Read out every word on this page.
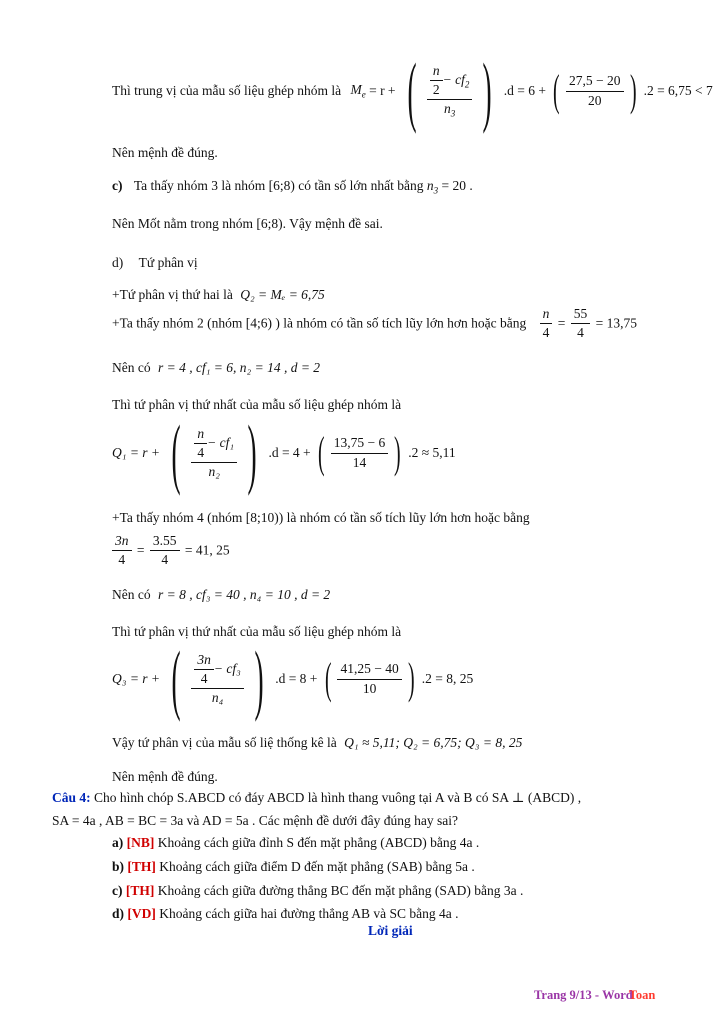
Thì trung vị của mẫu số liệu ghép nhóm là $M_e = r$ + ( $\frac{\frac{n}{2} - cf_2}{n_3}$ ) .d = 6 + ( $\frac{27,5 - 20}{20}$ ) .2 = 6,75 < 7
Nên mệnh đề đúng.
c) Ta thấy nhóm 3 là nhóm [6;8) có tần số lớn nhất bằng $n_3 = 20$ .
Nên Mốt nằm trong nhóm [6;8). Vậy mệnh đề sai.
d) Tứ phân vị
+Tứ phân vị thứ hai là Q₂ = Mₑ = 6,75
+Ta thấy nhóm 2 (nhóm [4;6) ) là nhóm có tần số tích lũy lớn hơn hoặc bằng $\frac{n}{4} = \frac{55}{4} = 13,75$
Nên có r = 4 , cf₁ = 6, n₂ = 14 , d = 2
Thì tứ phân vị thứ nhất của mẫu số liệu ghép nhóm là
Q₁ = r + ( $\frac{\frac{n}{4} - cf_1}{\text{n₂}}$ ) .d = 4 + ( $\frac{13,75 - 6}{14}$ ) .2 ≈ 5,11
+Ta thấy nhóm 4 (nhóm [8;10)) là nhóm có tần số tích lũy lớn hơn hoặc bằng
$\frac{3n}{4} = \frac{3.55}{4} = 41$, 25
Nên có r = 8 , cf₃ = 40 , n₄ = 10 , d = 2
Thì tứ phân vị thứ nhất của mẫu số liệu ghép nhóm là
Q₃ = r + ( $\frac{\frac{3n}{4} - cf_3}{\text{n₄}}$ ) .d = 8 + ( $\frac{41,25 - 40}{10}$ ) .2 = 8, 25
Vậy tứ phân vị của mẫu số liệ thống kê là Q₁ ≈ 5,11; Q₂ = 6,75; Q₃ = 8, 25
Nên mệnh đề đúng.
Câu 4: Cho hình chóp S.ABCD có đáy ABCD là hình thang vuông tại A và B có SA ⊥ (ABCD) ,
SA = 4a , AB = BC = 3a và AD = 5a . Các mệnh đề dưới đây đúng hay sai?
a) [NB] Khoảng cách giữa đỉnh S đến mặt phẳng (ABCD) bằng 4a .
b) [TH] Khoảng cách giữa điểm D đến mặt phẳng (SAB) bằng 5a .
c) [TH] Khoảng cách giữa đường thẳng BC đến mặt phẳng (SAD) bằng 3a .
d) [VD] Khoảng cách giữa hai đường thẳng AB và SC bằng 4a .
Lời giải
Trang 9/13 - WordToan
